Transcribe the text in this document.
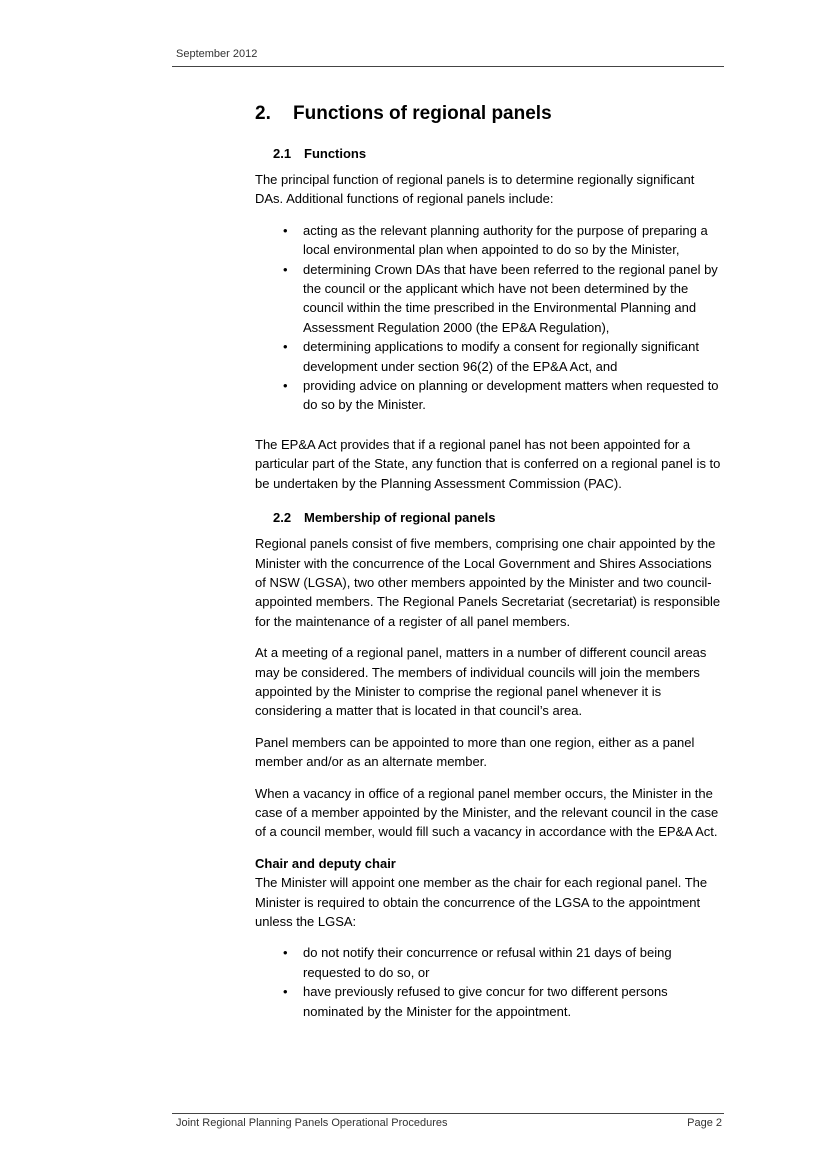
September 2012
2. Functions of regional panels
2.1 Functions

The principal function of regional panels is to determine regionally significant DAs. Additional functions of regional panels include:

• acting as the relevant planning authority for the purpose of preparing a local environmental plan when appointed to do so by the Minister,
• determining Crown DAs that have been referred to the regional panel by the council or the applicant which have not been determined by the council within the time prescribed in the Environmental Planning and Assessment Regulation 2000 (the EP&A Regulation),
• determining applications to modify a consent for regionally significant development under section 96(2) of the EP&A Act, and
• providing advice on planning or development matters when requested to do so by the Minister.

The EP&A Act provides that if a regional panel has not been appointed for a particular part of the State, any function that is conferred on a regional panel is to be undertaken by the Planning Assessment Commission (PAC).

2.2 Membership of regional panels

Regional panels consist of five members, comprising one chair appointed by the Minister with the concurrence of the Local Government and Shires Associations of NSW (LGSA), two other members appointed by the Minister and two council-appointed members. The Regional Panels Secretariat (secretariat) is responsible for the maintenance of a register of all panel members.

At a meeting of a regional panel, matters in a number of different council areas may be considered. The members of individual councils will join the members appointed by the Minister to comprise the regional panel whenever it is considering a matter that is located in that council’s area.

Panel members can be appointed to more than one region, either as a panel member and/or as an alternate member.

When a vacancy in office of a regional panel member occurs, the Minister in the case of a member appointed by the Minister, and the relevant council in the case of a council member, would fill such a vacancy in accordance with the EP&A Act.

Chair and deputy chair
The Minister will appoint one member as the chair for each regional panel. The Minister is required to obtain the concurrence of the LGSA to the appointment unless the LGSA:

• do not notify their concurrence or refusal within 21 days of being requested to do so, or
• have previously refused to give concur for two different persons nominated by the Minister for the appointment.
Joint Regional Planning Panels Operational Procedures	Page 2
